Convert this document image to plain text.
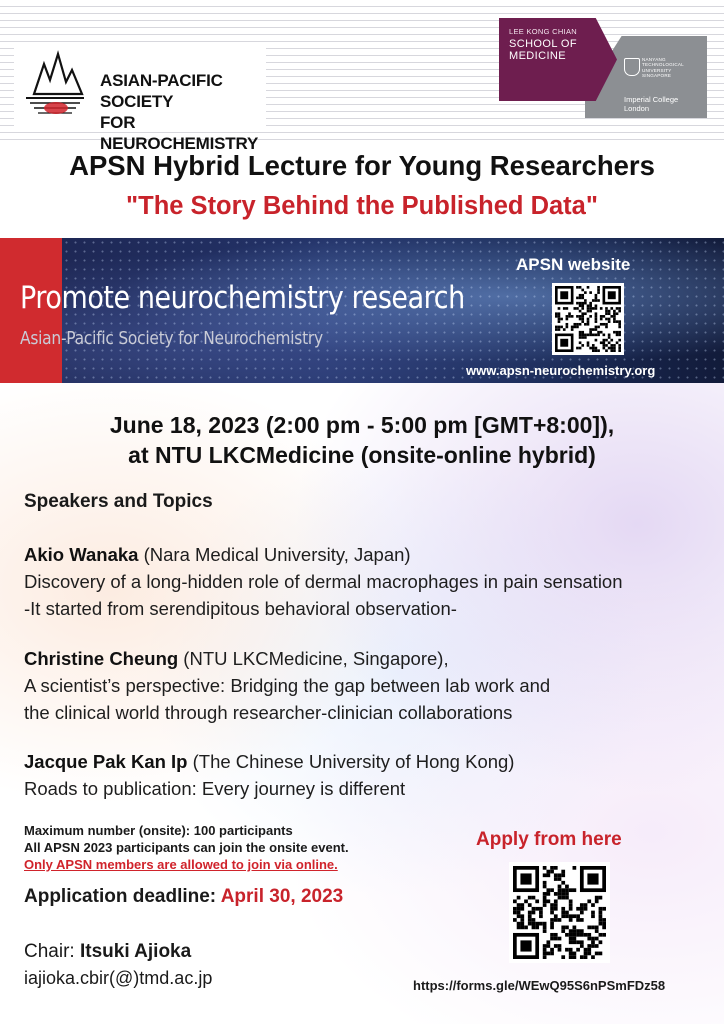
ASIAN-PACIFIC SOCIETY
FOR NEUROCHEMISTRY
LEE KONG CHIAN
SCHOOL OF
MEDICINE	NANYANG
TECHNOLOGICAL
UNIVERSITY
SINGAPORE
Imperial College
London
APSN Hybrid Lecture for Young Researchers
"The Story Behind the Published Data"
Promote neurochemistry research
Asian-Pacific Society for Neurochemistry
APSN website
www.apsn-neurochemistry.org
June 18, 2023 (2:00 pm - 5:00 pm [GMT+8:00]),
at NTU LKCMedicine (onsite-online hybrid)
Speakers and Topics
Akio Wanaka (Nara Medical University, Japan)
Discovery of a long-hidden role of dermal macrophages in pain sensation
-It started from serendipitous behavioral observation-
Christine Cheung (NTU LKCMedicine, Singapore),
A scientist’s perspective: Bridging the gap between lab work and
the clinical world through researcher-clinician collaborations
Jacque Pak Kan Ip (The Chinese University of Hong Kong)
Roads to publication: Every journey is different
Maximum number (onsite): 100 participants
All APSN 2023 participants can join the onsite event.
Only APSN members are allowed to join via online.
Application deadline: April 30, 2023
Apply from here
Chair: Itsuki Ajioka
iajioka.cbir(@)tmd.ac.jp	https://forms.gle/WEwQ95S6nPSmFDz58
